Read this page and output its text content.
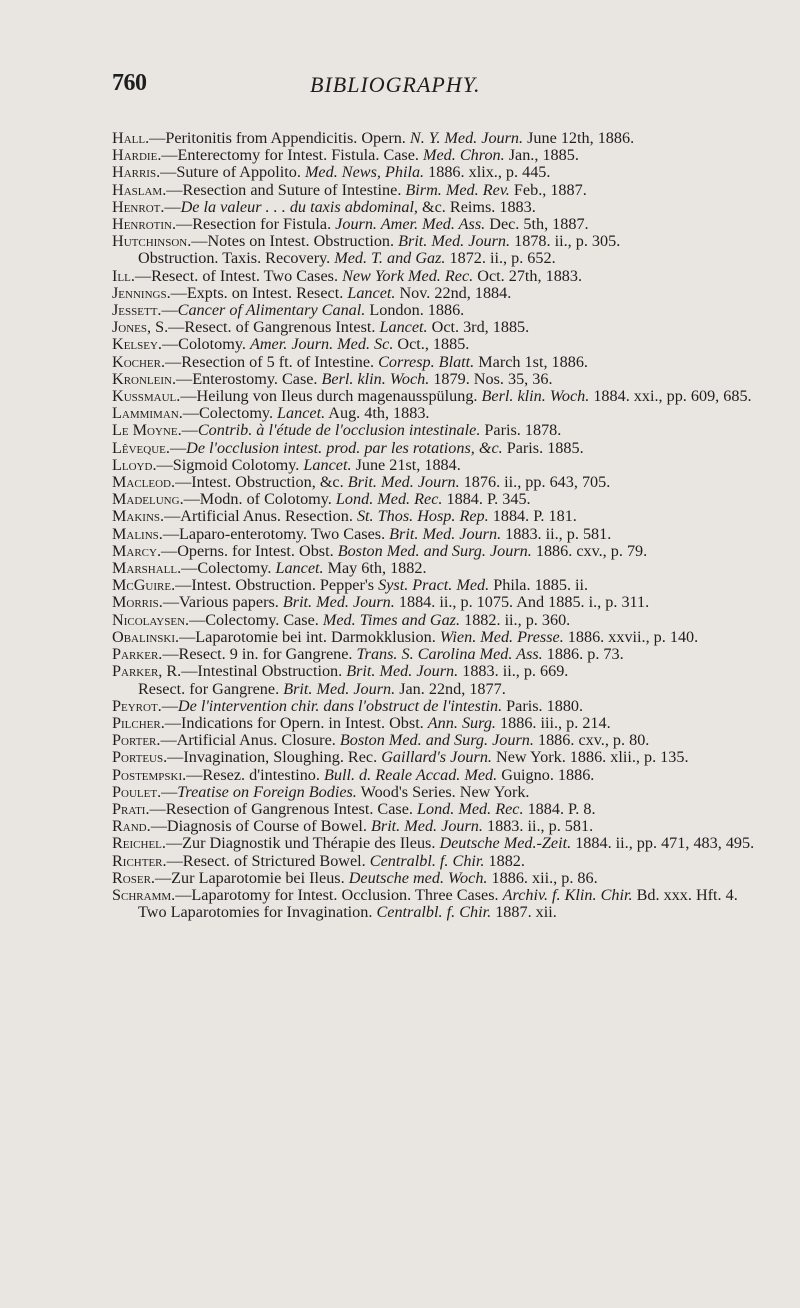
760	BIBLIOGRAPHY.

Hall.—Peritonitis from Appendicitis. Opern. N. Y. Med. Journ. June 12th, 1886.

Hardie.—Enterectomy for Intest. Fistula. Case. Med. Chron. Jan., 1885.

Harris.—Suture of Appolito. Med. News, Phila. 1886. xlix., p. 445.

Haslam.—Resection and Suture of Intestine. Birm. Med. Rev. Feb., 1887.

Henrot.—De la valeur . . . du taxis abdominal, &c. Reims. 1883.

Henrotin.—Resection for Fistula. Journ. Amer. Med. Ass. Dec. 5th, 1887.

Hutchinson.—Notes on Intest. Obstruction. Brit. Med. Journ. 1878. ii., p. 305.
Obstruction. Taxis. Recovery. Med. T. and Gaz. 1872. ii., p. 652.

Ill.—Resect. of Intest. Two Cases. New York Med. Rec. Oct. 27th, 1883.

Jennings.—Expts. on Intest. Resect. Lancet. Nov. 22nd, 1884.

Jessett.—Cancer of Alimentary Canal. London. 1886.

Jones, S.—Resect. of Gangrenous Intest. Lancet. Oct. 3rd, 1885.

Kelsey.—Colotomy. Amer. Journ. Med. Sc. Oct., 1885.

Kocher.—Resection of 5 ft. of Intestine. Corresp. Blatt. March 1st, 1886.

Kronlein.—Enterostomy. Case. Berl. klin. Woch. 1879. Nos. 35, 36.

Kussmaul.—Heilung von Ileus durch magenausspülung. Berl. klin. Woch. 1884. xxi., pp. 609, 685.

Lammiman.—Colectomy. Lancet. Aug. 4th, 1883.

Le Moyne.—Contrib. à l'étude de l'occlusion intestinale. Paris. 1878.

Lêveque.—De l'occlusion intest. prod. par les rotations, &c. Paris. 1885.

Lloyd.—Sigmoid Colotomy. Lancet. June 21st, 1884.

Macleod.—Intest. Obstruction, &c. Brit. Med. Journ. 1876. ii., pp. 643, 705.

Madelung.—Modn. of Colotomy. Lond. Med. Rec. 1884. P. 345.

Makins.—Artificial Anus. Resection. St. Thos. Hosp. Rep. 1884. P. 181.

Malins.—Laparo-enterotomy. Two Cases. Brit. Med. Journ. 1883. ii., p. 581.

Marcy.—Operns. for Intest. Obst. Boston Med. and Surg. Journ. 1886. cxv., p. 79.

Marshall.—Colectomy. Lancet. May 6th, 1882.

McGuire.—Intest. Obstruction. Pepper's Syst. Pract. Med. Phila. 1885. ii.

Morris.—Various papers. Brit. Med. Journ. 1884. ii., p. 1075. And 1885. i., p. 311.

Nicolaysen.—Colectomy. Case. Med. Times and Gaz. 1882. ii., p. 360.

Obalinski.—Laparotomie bei int. Darmokklusion. Wien. Med. Presse. 1886. xxvii., p. 140.

Parker.—Resect. 9 in. for Gangrene. Trans. S. Carolina Med. Ass. 1886. p. 73.

Parker, R.—Intestinal Obstruction. Brit. Med. Journ. 1883. ii., p. 669.
Resect. for Gangrene. Brit. Med. Journ. Jan. 22nd, 1877.

Peyrot.—De l'intervention chir. dans l'obstruct de l'intestin. Paris. 1880.

Pilcher.—Indications for Opern. in Intest. Obst. Ann. Surg. 1886. iii., p. 214.

Porter.—Artificial Anus. Closure. Boston Med. and Surg. Journ. 1886. cxv., p. 80.

Porteus.—Invagination, Sloughing. Rec. Gaillard's Journ. New York. 1886. xlii., p. 135.

Postempski.—Resez. d'intestino. Bull. d. Reale Accad. Med. Guigno. 1886.

Poulet.—Treatise on Foreign Bodies. Wood's Series. New York.

Prati.—Resection of Gangrenous Intest. Case. Lond. Med. Rec. 1884. P. 8.

Rand.—Diagnosis of Course of Bowel. Brit. Med. Journ. 1883. ii., p. 581.

Reichel.—Zur Diagnostik und Thérapie des Ileus. Deutsche Med.-Zeit. 1884. ii., pp. 471, 483, 495.

Richter.—Resect. of Strictured Bowel. Centralbl. f. Chir. 1882.

Roser.—Zur Laparotomie bei Ileus. Deutsche med. Woch. 1886. xii., p. 86.

Schramm.—Laparotomy for Intest. Occlusion. Three Cases. Archiv. f. Klin. Chir. Bd. xxx. Hft. 4.
Two Laparotomies for Invagination. Centralbl. f. Chir. 1887. xii.
